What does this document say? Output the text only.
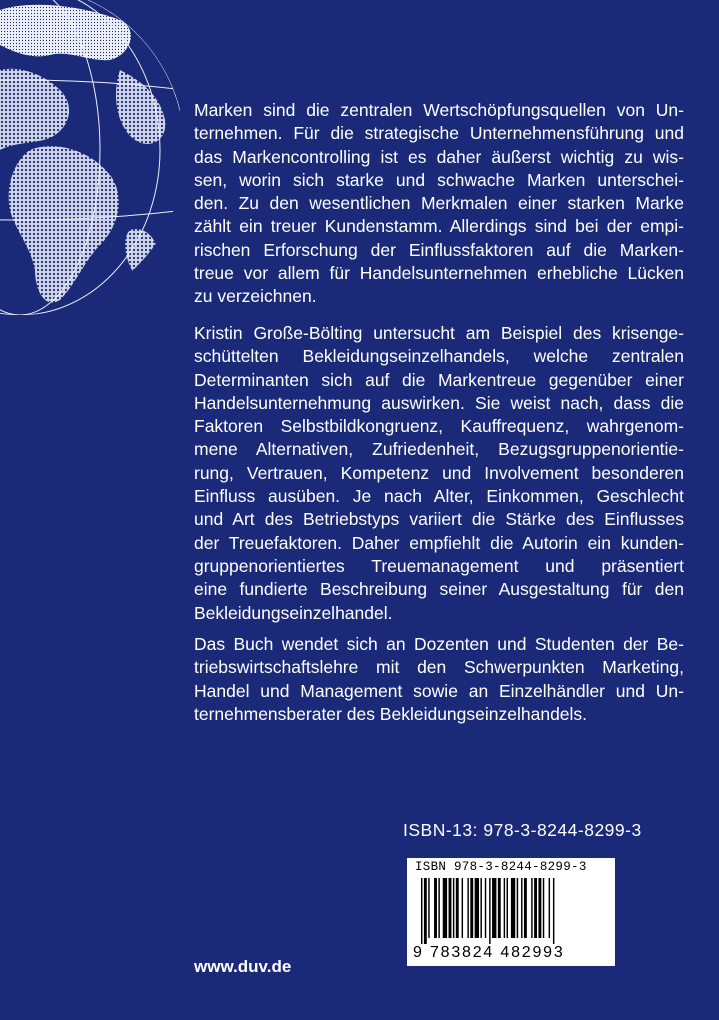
Marken sind die zentralen Wertschöpfungsquellen von Un-
ternehmen. Für die strategische Unternehmensführung und
das Markencontrolling ist es daher äußerst wichtig zu wis-
sen, worin sich starke und schwache Marken unterschei-
den. Zu den wesentlichen Merkmalen einer starken Marke
zählt ein treuer Kundenstamm. Allerdings sind bei der empi-
rischen Erforschung der Einflussfaktoren auf die Marken-
treue vor allem für Handelsunternehmen erhebliche Lücken
zu verzeichnen.

Kristin Große-Bölting untersucht am Beispiel des krisenge-
schüttelten Bekleidungseinzelhandels, welche zentralen
Determinanten sich auf die Markentreue gegenüber einer
Handelsunternehmung auswirken. Sie weist nach, dass die
Faktoren Selbstbildkongruenz, Kauffrequenz, wahrgenom-
mene Alternativen, Zufriedenheit, Bezugsgruppenorientie-
rung, Vertrauen, Kompetenz und Involvement besonderen
Einfluss ausüben. Je nach Alter, Einkommen, Geschlecht
und Art des Betriebstyps variiert die Stärke des Einflusses
der Treuefaktoren. Daher empfiehlt die Autorin ein kunden-
gruppenorientiertes Treuemanagement und präsentiert
eine fundierte Beschreibung seiner Ausgestaltung für den
Bekleidungseinzelhandel.

Das Buch wendet sich an Dozenten und Studenten der Be-
triebswirtschaftslehre mit den Schwerpunkten Marketing,
Handel und Management sowie an Einzelhändler und Un-
ternehmensberater des Bekleidungseinzelhandels.

ISBN-13: 978-3-8244-8299-3
ISBN 978-3-8244-8299-3
9 783824 482993
www.duv.de
